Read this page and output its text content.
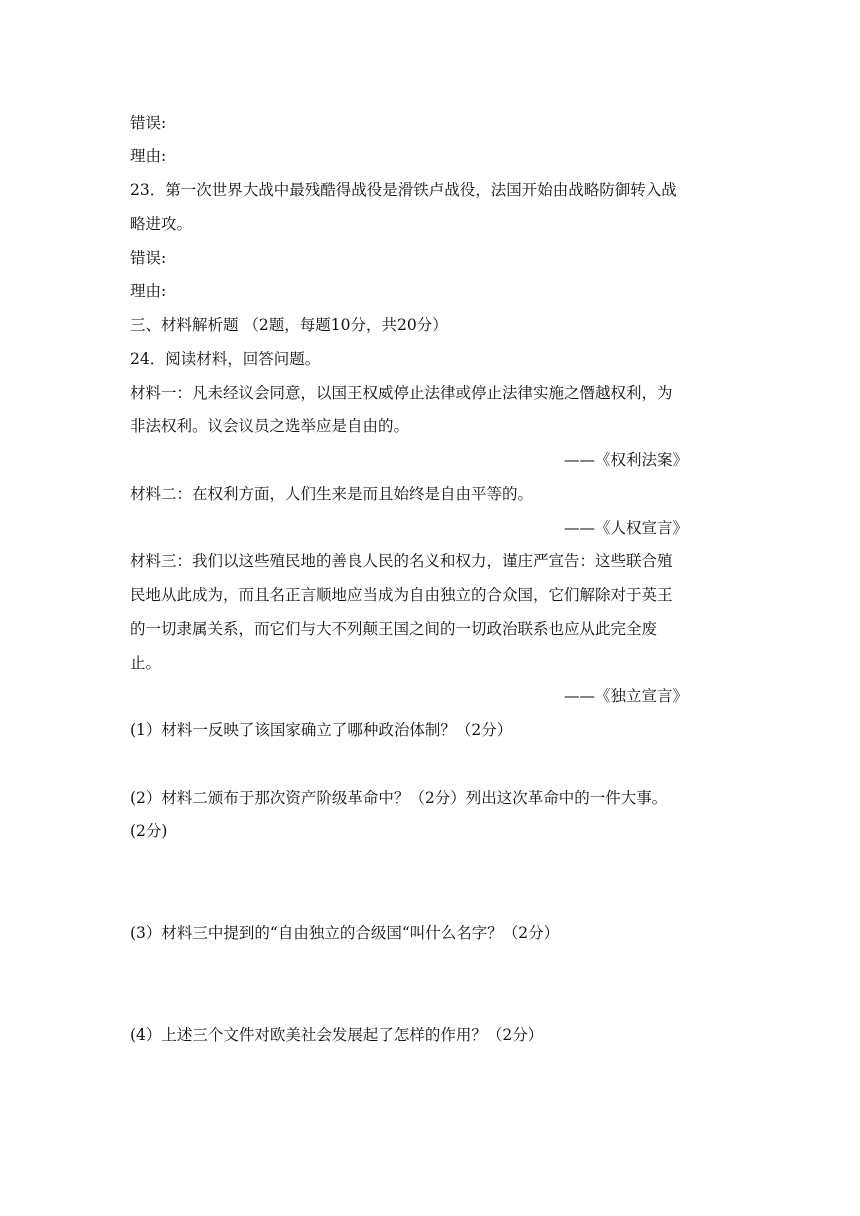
错误:
理由:
23．第一次世界大战中最残酷得战役是滑铁卢战役，法国开始由战略防御转入战
略进攻。
错误:
理由:
三、材料解析题 （2题，每题10分，共20分）
24．阅读材料，回答问题。
材料一：凡未经议会同意，以国王权威停止法律或停止法律实施之僭越权利，为
非法权利。议会议员之选举应是自由的。
——《权利法案》
材料二：在权利方面，人们生来是而且始终是自由平等的。
——《人权宣言》
材料三：我们以这些殖民地的善良人民的名义和权力，谨庄严宣告：这些联合殖
民地从此成为，而且名正言顺地应当成为自由独立的合众国，它们解除对于英王
的一切隶属关系，而它们与大不列颠王国之间的一切政治联系也应从此完全废
止。
——《独立宣言》
(1）材料一反映了该国家确立了哪种政治体制？（2分）
(2）材料二颁布于那次资产阶级革命中？（2分）列出这次革命中的一件大事。
(2分)
(3）材料三中提到的“自由独立的合级国“叫什么名字？（2分）
(4）上述三个文件对欧美社会发展起了怎样的作用？（2分）
